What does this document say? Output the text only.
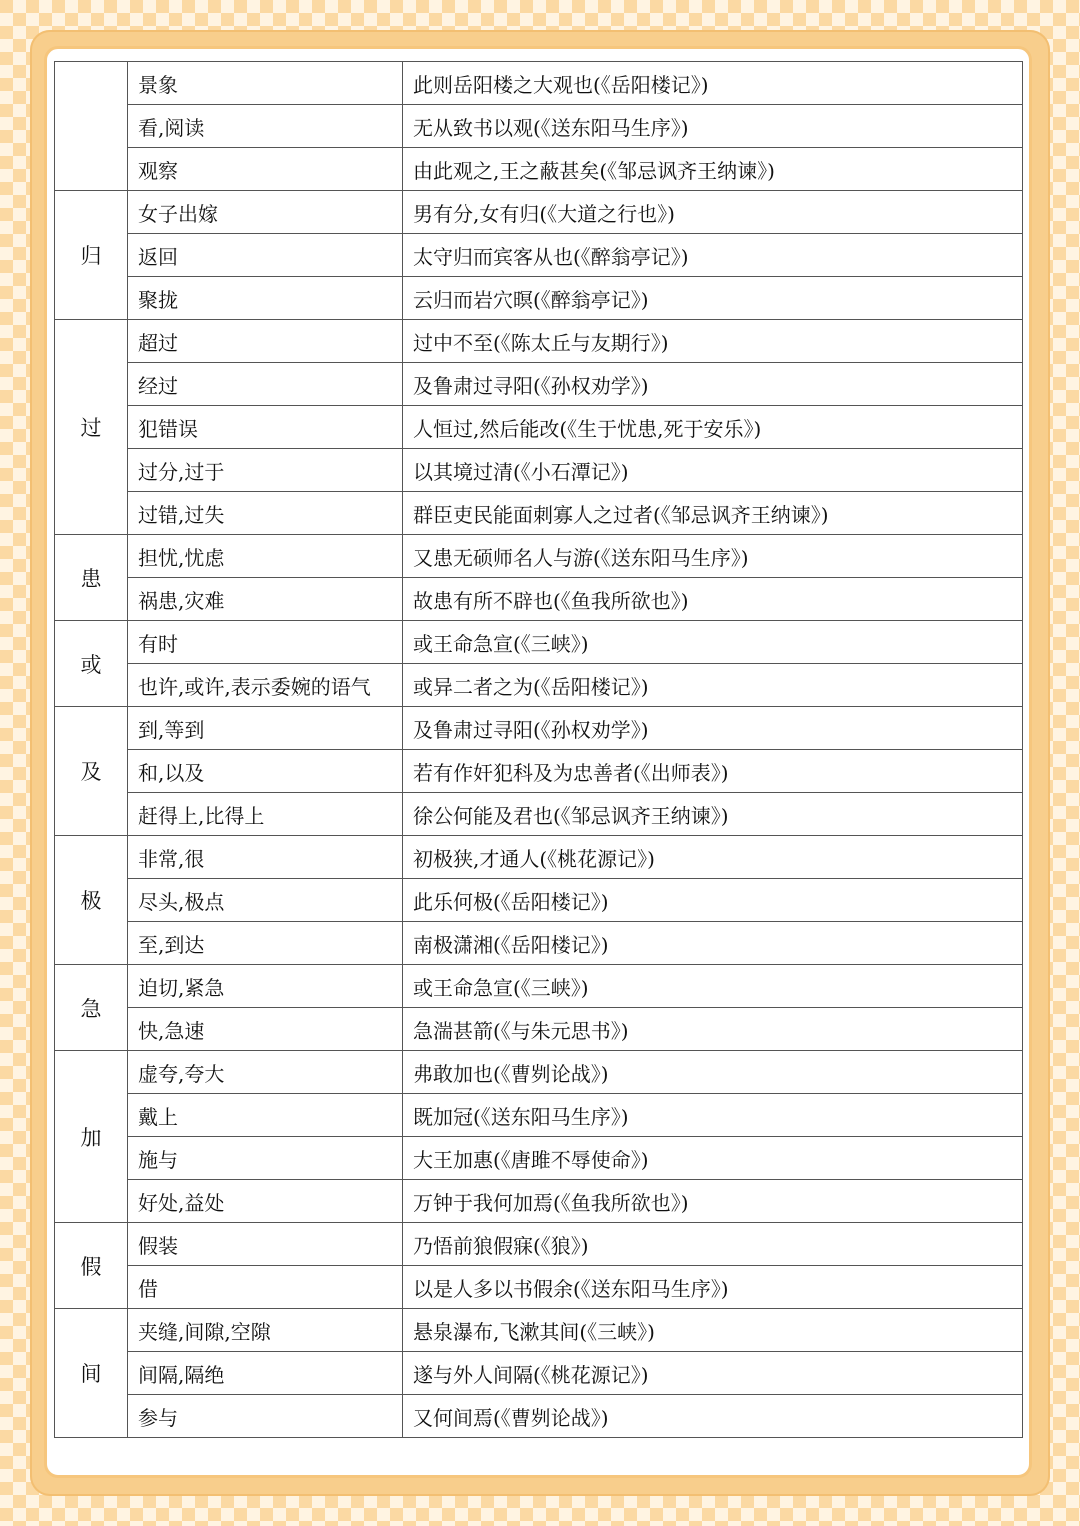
	景象	此则岳阳楼之大观也(《岳阳楼记》)
	看,阅读	无从致书以观(《送东阳马生序》)
	观察	由此观之,王之蔽甚矣(《邹忌讽齐王纳谏》)
归	女子出嫁	男有分,女有归(《大道之行也》)
	返回	太守归而宾客从也(《醉翁亭记》)
	聚拢	云归而岩穴暝(《醉翁亭记》)
过	超过	过中不至(《陈太丘与友期行》)
	经过	及鲁肃过寻阳(《孙权劝学》)
	犯错误	人恒过,然后能改(《生于忧患,死于安乐》)
	过分,过于	以其境过清(《小石潭记》)
	过错,过失	群臣吏民能面刺寡人之过者(《邹忌讽齐王纳谏》)
患	担忧,忧虑	又患无硕师名人与游(《送东阳马生序》)
	祸患,灾难	故患有所不辟也(《鱼我所欲也》)
或	有时	或王命急宣(《三峡》)
	也许,或许,表示委婉的语气	或异二者之为(《岳阳楼记》)
及	到,等到	及鲁肃过寻阳(《孙权劝学》)
	和,以及	若有作奸犯科及为忠善者(《出师表》)
	赶得上,比得上	徐公何能及君也(《邹忌讽齐王纳谏》)
极	非常,很	初极狭,才通人(《桃花源记》)
	尽头,极点	此乐何极(《岳阳楼记》)
	至,到达	南极潇湘(《岳阳楼记》)
急	迫切,紧急	或王命急宣(《三峡》)
	快,急速	急湍甚箭(《与朱元思书》)
加	虚夸,夸大	弗敢加也(《曹刿论战》)
	戴上	既加冠(《送东阳马生序》)
	施与	大王加惠(《唐雎不辱使命》)
	好处,益处	万钟于我何加焉(《鱼我所欲也》)
假	假装	乃悟前狼假寐(《狼》)
	借	以是人多以书假余(《送东阳马生序》)
间	夹缝,间隙,空隙	悬泉瀑布,飞漱其间(《三峡》)
	间隔,隔绝	遂与外人间隔(《桃花源记》)
	参与	又何间焉(《曹刿论战》)
